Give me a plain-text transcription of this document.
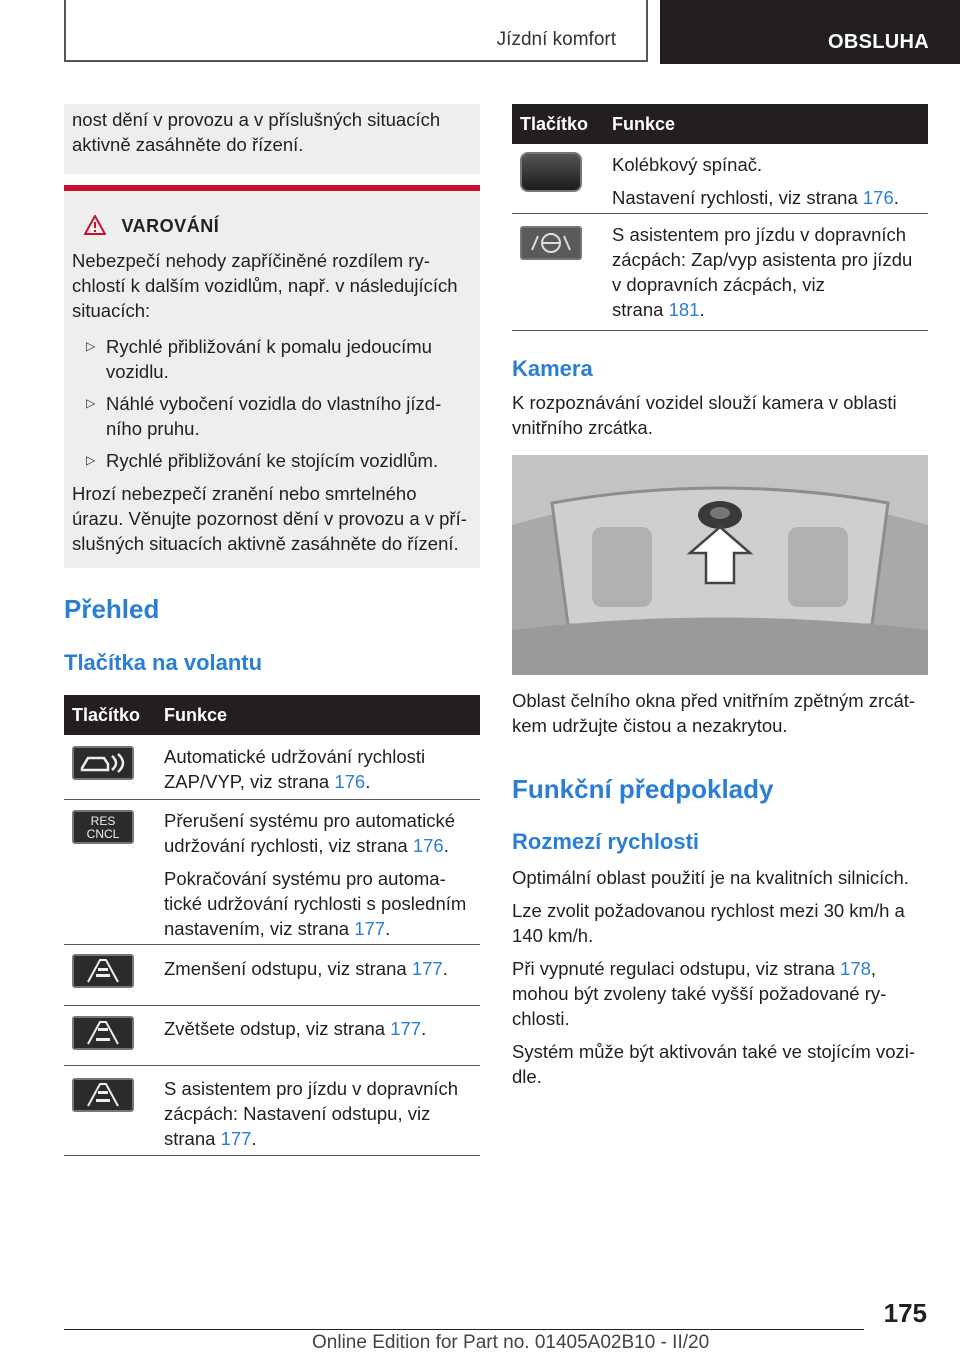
Jízdní komfort	OBSLUHA

nost dění v provozu a v příslušných situacích aktivně zasáhněte do řízení.

VAROVÁNÍ

Nebezpečí nehody zapříčiněné rozdílem ry-

chlostí k dalším vozidlům, např. v následujících

situacích:

▷ Rychlé přibližování k pomalu jedoucímu
vozidlu.
▷ Náhlé vybočení vozidla do vlastního jízd-
ního pruhu.
▷ Rychlé přibližování ke stojícím vozidlům.

Hrozí nebezpečí zranění nebo smrtelného

úrazu. Věnujte pozornost dění v provozu a v pří-

slušných situacích aktivně zasáhněte do řízení.

Přehled
Tlačítka na volantu
Tlačítko Funkce

Automatické udržování rychlosti

ZAP/VYP, viz strana 176.

RES CNCL

Přerušení systému pro automatické

udržování rychlosti, viz strana 176.

Pokračování systému pro automa-

tické udržování rychlosti s posledním

nastavením, viz strana 177.

Zmenšení odstupu, viz strana 177.

Zvětšete odstup, viz strana 177.

S asistentem pro jízdu v dopravních

zácpách: Nastavení odstupu, viz

strana 177.

Tlačítko Funkce

Kolébkový spínač.

Nastavení rychlosti, viz strana 176.

S asistentem pro jízdu v dopravních

zácpách: Zap/vyp asistenta pro jízdu

v dopravních zácpách, viz

strana 181.

Kamera

K rozpoznávání vozidel slouží kamera v oblasti

vnitřního zrcátka.

Oblast čelního okna před vnitřním zpětným zrcát-

kem udržujte čistou a nezakrytou.

Funkční předpoklady
Rozmezí rychlosti

Optimální oblast použití je na kvalitních silnicích.

Lze zvolit požadovanou rychlost mezi 30 km/h a

140 km/h.

Při vypnuté regulaci odstupu, viz strana 178,

mohou být zvoleny také vyšší požadované ry-

chlosti.

Systém může být aktivován také ve stojícím vozi-

dle.

175
Online Edition for Part no. 01405A02B10 - II/20
